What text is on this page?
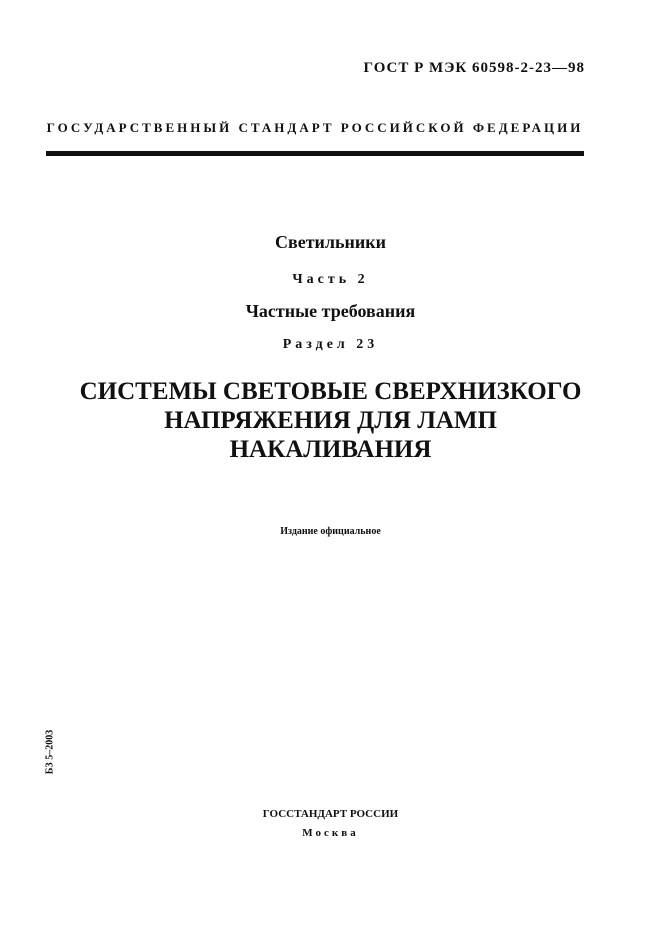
ГОСТ Р МЭК 60598-2-23—98
ГОСУДАРСТВЕННЫЙ СТАНДАРТ РОССИЙСКОЙ ФЕДЕРАЦИИ
Светильники
Часть 2
Частные требования
Раздел 23
СИСТЕМЫ СВЕТОВЫЕ СВЕРХНИЗКОГО
НАПРЯЖЕНИЯ ДЛЯ ЛАМП
НАКАЛИВАНИЯ
Издание официальное
БЗ 5–2003
ГОССТАНДАРТ РОССИИ
Москва
